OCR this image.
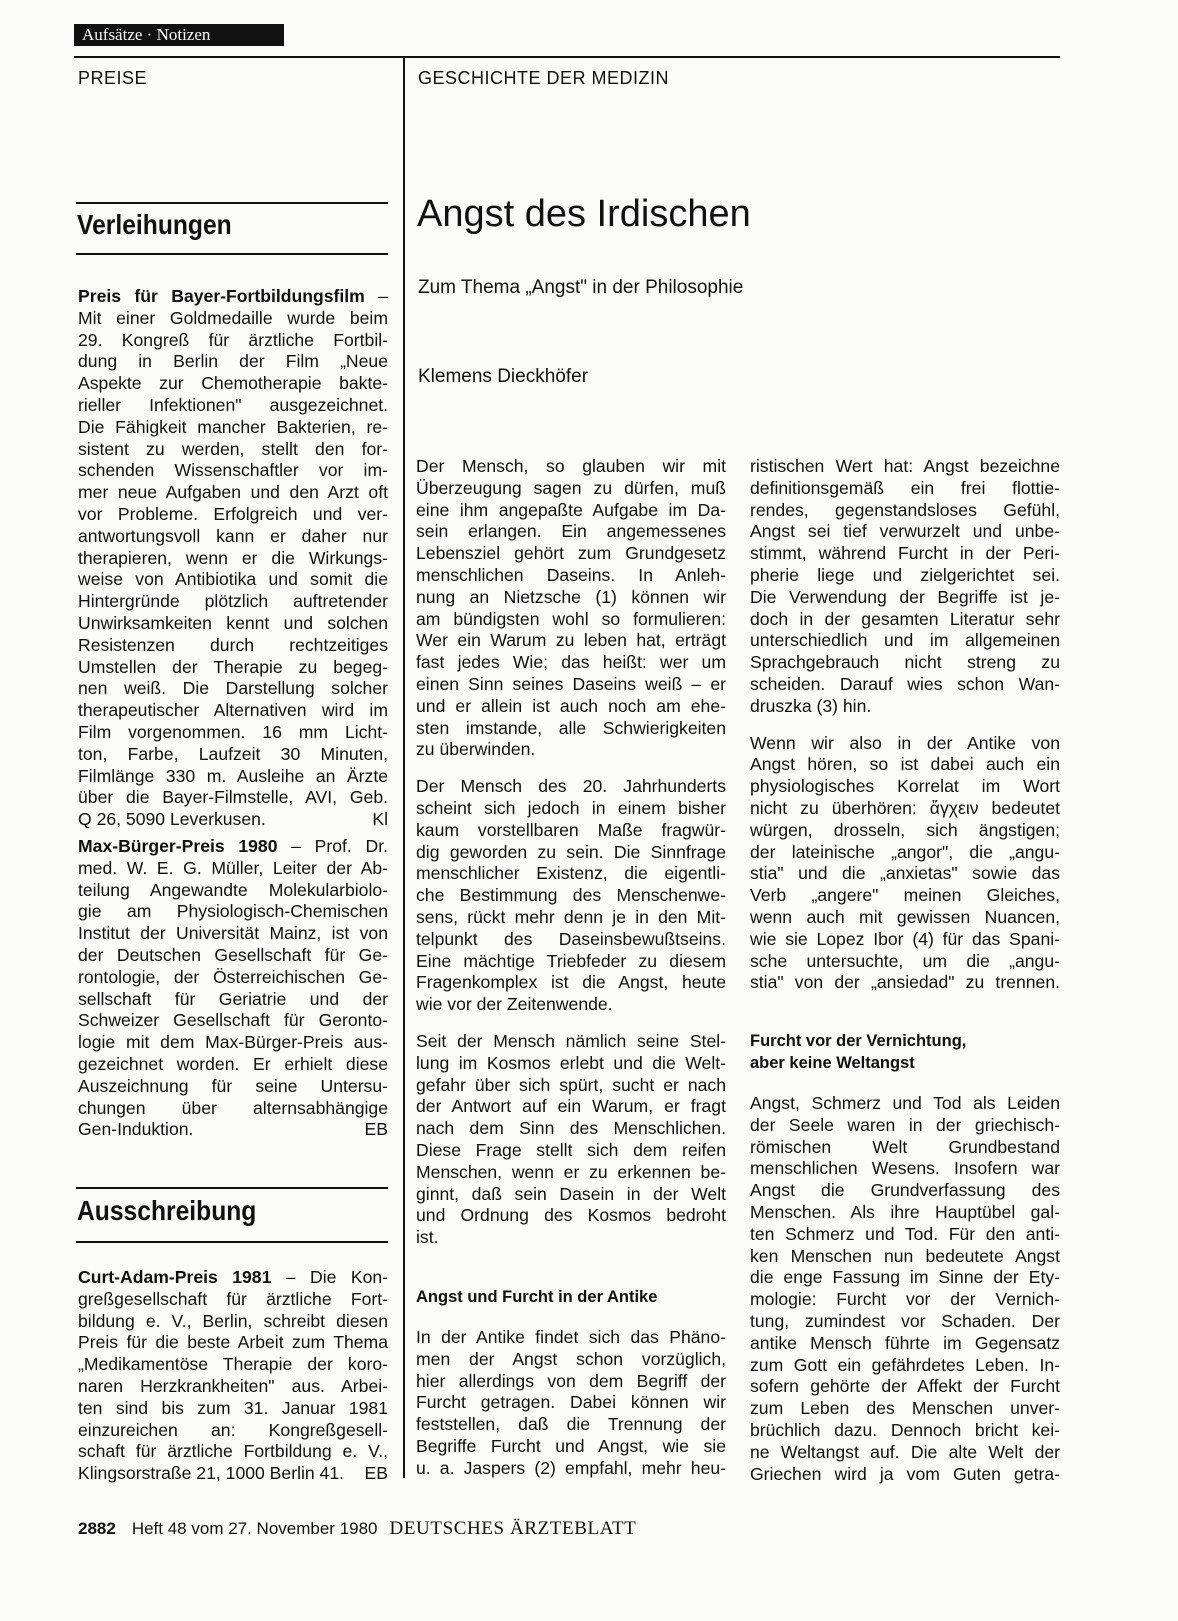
Aufsätze · Notizen
PREISE	GESCHICHTE DER MEDIZIN
Verleihungen
Preis für Bayer-Fortbildungsfilm –
Mit einer Goldmedaille wurde beim
29. Kongreß für ärztliche Fortbil-
dung in Berlin der Film „Neue
Aspekte zur Chemotherapie bakte-
rieller Infektionen" ausgezeichnet.
Die Fähigkeit mancher Bakterien, re-
sistent zu werden, stellt den for-
schenden Wissenschaftler vor im-
mer neue Aufgaben und den Arzt oft
vor Probleme. Erfolgreich und ver-
antwortungsvoll kann er daher nur
therapieren, wenn er die Wirkungs-
weise von Antibiotika und somit die
Hintergründe plötzlich auftretender
Unwirksamkeiten kennt und solchen
Resistenzen durch rechtzeitiges
Umstellen der Therapie zu begeg-
nen weiß. Die Darstellung solcher
therapeutischer Alternativen wird im
Film vorgenommen. 16 mm Licht-
ton, Farbe, Laufzeit 30 Minuten,
Filmlänge 330 m. Ausleihe an Ärzte
über die Bayer-Filmstelle, AVI, Geb.
Q 26, 5090 Leverkusen.	Kl
Max-Bürger-Preis 1980 – Prof. Dr.
med. W. E. G. Müller, Leiter der Ab-
teilung Angewandte Molekularbiolo-
gie am Physiologisch-Chemischen
Institut der Universität Mainz, ist von
der Deutschen Gesellschaft für Ge-
rontologie, der Österreichischen Ge-
sellschaft für Geriatrie und der
Schweizer Gesellschaft für Geronto-
logie mit dem Max-Bürger-Preis aus-
gezeichnet worden. Er erhielt diese
Auszeichnung für seine Untersu-
chungen über alternsabhängige
Gen-Induktion.	EB
Ausschreibung
Curt-Adam-Preis 1981 – Die Kon-
greßgesellschaft für ärztliche Fort-
bildung e. V., Berlin, schreibt diesen
Preis für die beste Arbeit zum Thema
„Medikamentöse Therapie der koro-
naren Herzkrankheiten" aus. Arbei-
ten sind bis zum 31. Januar 1981
einzureichen an: Kongreßgesell-
schaft für ärztliche Fortbildung e. V.,
Klingsorstraße 21, 1000 Berlin 41. EB
Angst des Irdischen
Zum Thema „Angst" in der Philosophie
Klemens Dieckhöfer
Der Mensch, so glauben wir mit
Überzeugung sagen zu dürfen, muß
eine ihm angepaßte Aufgabe im Da-
sein erlangen. Ein angemessenes
Lebensziel gehört zum Grundgesetz
menschlichen Daseins. In Anleh-
nung an Nietzsche (1) können wir
am bündigsten wohl so formulieren:
Wer ein Warum zu leben hat, erträgt
fast jedes Wie; das heißt: wer um
einen Sinn seines Daseins weiß – er
und er allein ist auch noch am ehe-
sten imstande, alle Schwierigkeiten
zu überwinden.
Der Mensch des 20. Jahrhunderts
scheint sich jedoch in einem bisher
kaum vorstellbaren Maße fragwür-
dig geworden zu sein. Die Sinnfrage
menschlicher Existenz, die eigentli-
che Bestimmung des Menschenwe-
sens, rückt mehr denn je in den Mit-
telpunkt des Daseinsbewußtseins.
Eine mächtige Triebfeder zu diesem
Fragenkomplex ist die Angst, heute
wie vor der Zeitenwende.
Seit der Mensch nämlich seine Stel-
lung im Kosmos erlebt und die Welt-
gefahr über sich spürt, sucht er nach
der Antwort auf ein Warum, er fragt
nach dem Sinn des Menschlichen.
Diese Frage stellt sich dem reifen
Menschen, wenn er zu erkennen be-
ginnt, daß sein Dasein in der Welt
und Ordnung des Kosmos bedroht
ist.
Angst und Furcht in der Antike
In der Antike findet sich das Phäno-
men der Angst schon vorzüglich,
hier allerdings von dem Begriff der
Furcht getragen. Dabei können wir
feststellen, daß die Trennung der
Begriffe Furcht und Angst, wie sie
u. a. Jaspers (2) empfahl, mehr heu-
ristischen Wert hat: Angst bezeichne
definitionsgemäß ein frei flottie-
rendes, gegenstandsloses Gefühl,
Angst sei tief verwurzelt und unbe-
stimmt, während Furcht in der Peri-
pherie liege und zielgerichtet sei.
Die Verwendung der Begriffe ist je-
doch in der gesamten Literatur sehr
unterschiedlich und im allgemeinen
Sprachgebrauch nicht streng zu
scheiden. Darauf wies schon Wan-
druszka (3) hin.
Wenn wir also in der Antike von
Angst hören, so ist dabei auch ein
physiologisches Korrelat im Wort
nicht zu überhören: ἄγχειν bedeutet
würgen, drosseln, sich ängstigen;
der lateinische „angor", die „angu-
stia" und die „anxietas" sowie das
Verb „angere" meinen Gleiches,
wenn auch mit gewissen Nuancen,
wie sie Lopez Ibor (4) für das Spani-
sche untersuchte, um die „angu-
stia" von der „ansiedad" zu trennen.
Furcht vor der Vernichtung,
aber keine Weltangst
Angst, Schmerz und Tod als Leiden
der Seele waren in der griechisch-
römischen Welt Grundbestand
menschlichen Wesens. Insofern war
Angst die Grundverfassung des
Menschen. Als ihre Hauptübel gal-
ten Schmerz und Tod. Für den anti-
ken Menschen nun bedeutete Angst
die enge Fassung im Sinne der Ety-
mologie: Furcht vor der Vernich-
tung, zumindest vor Schaden. Der
antike Mensch führte im Gegensatz
zum Gott ein gefährdetes Leben. In-
sofern gehörte der Affekt der Furcht
zum Leben des Menschen unver-
brüchlich dazu. Dennoch bricht kei-
ne Weltangst auf. Die alte Welt der
Griechen wird ja vom Guten getra-
2882 Heft 48 vom 27. November 1980 DEUTSCHES ÄRZTEBLATT
